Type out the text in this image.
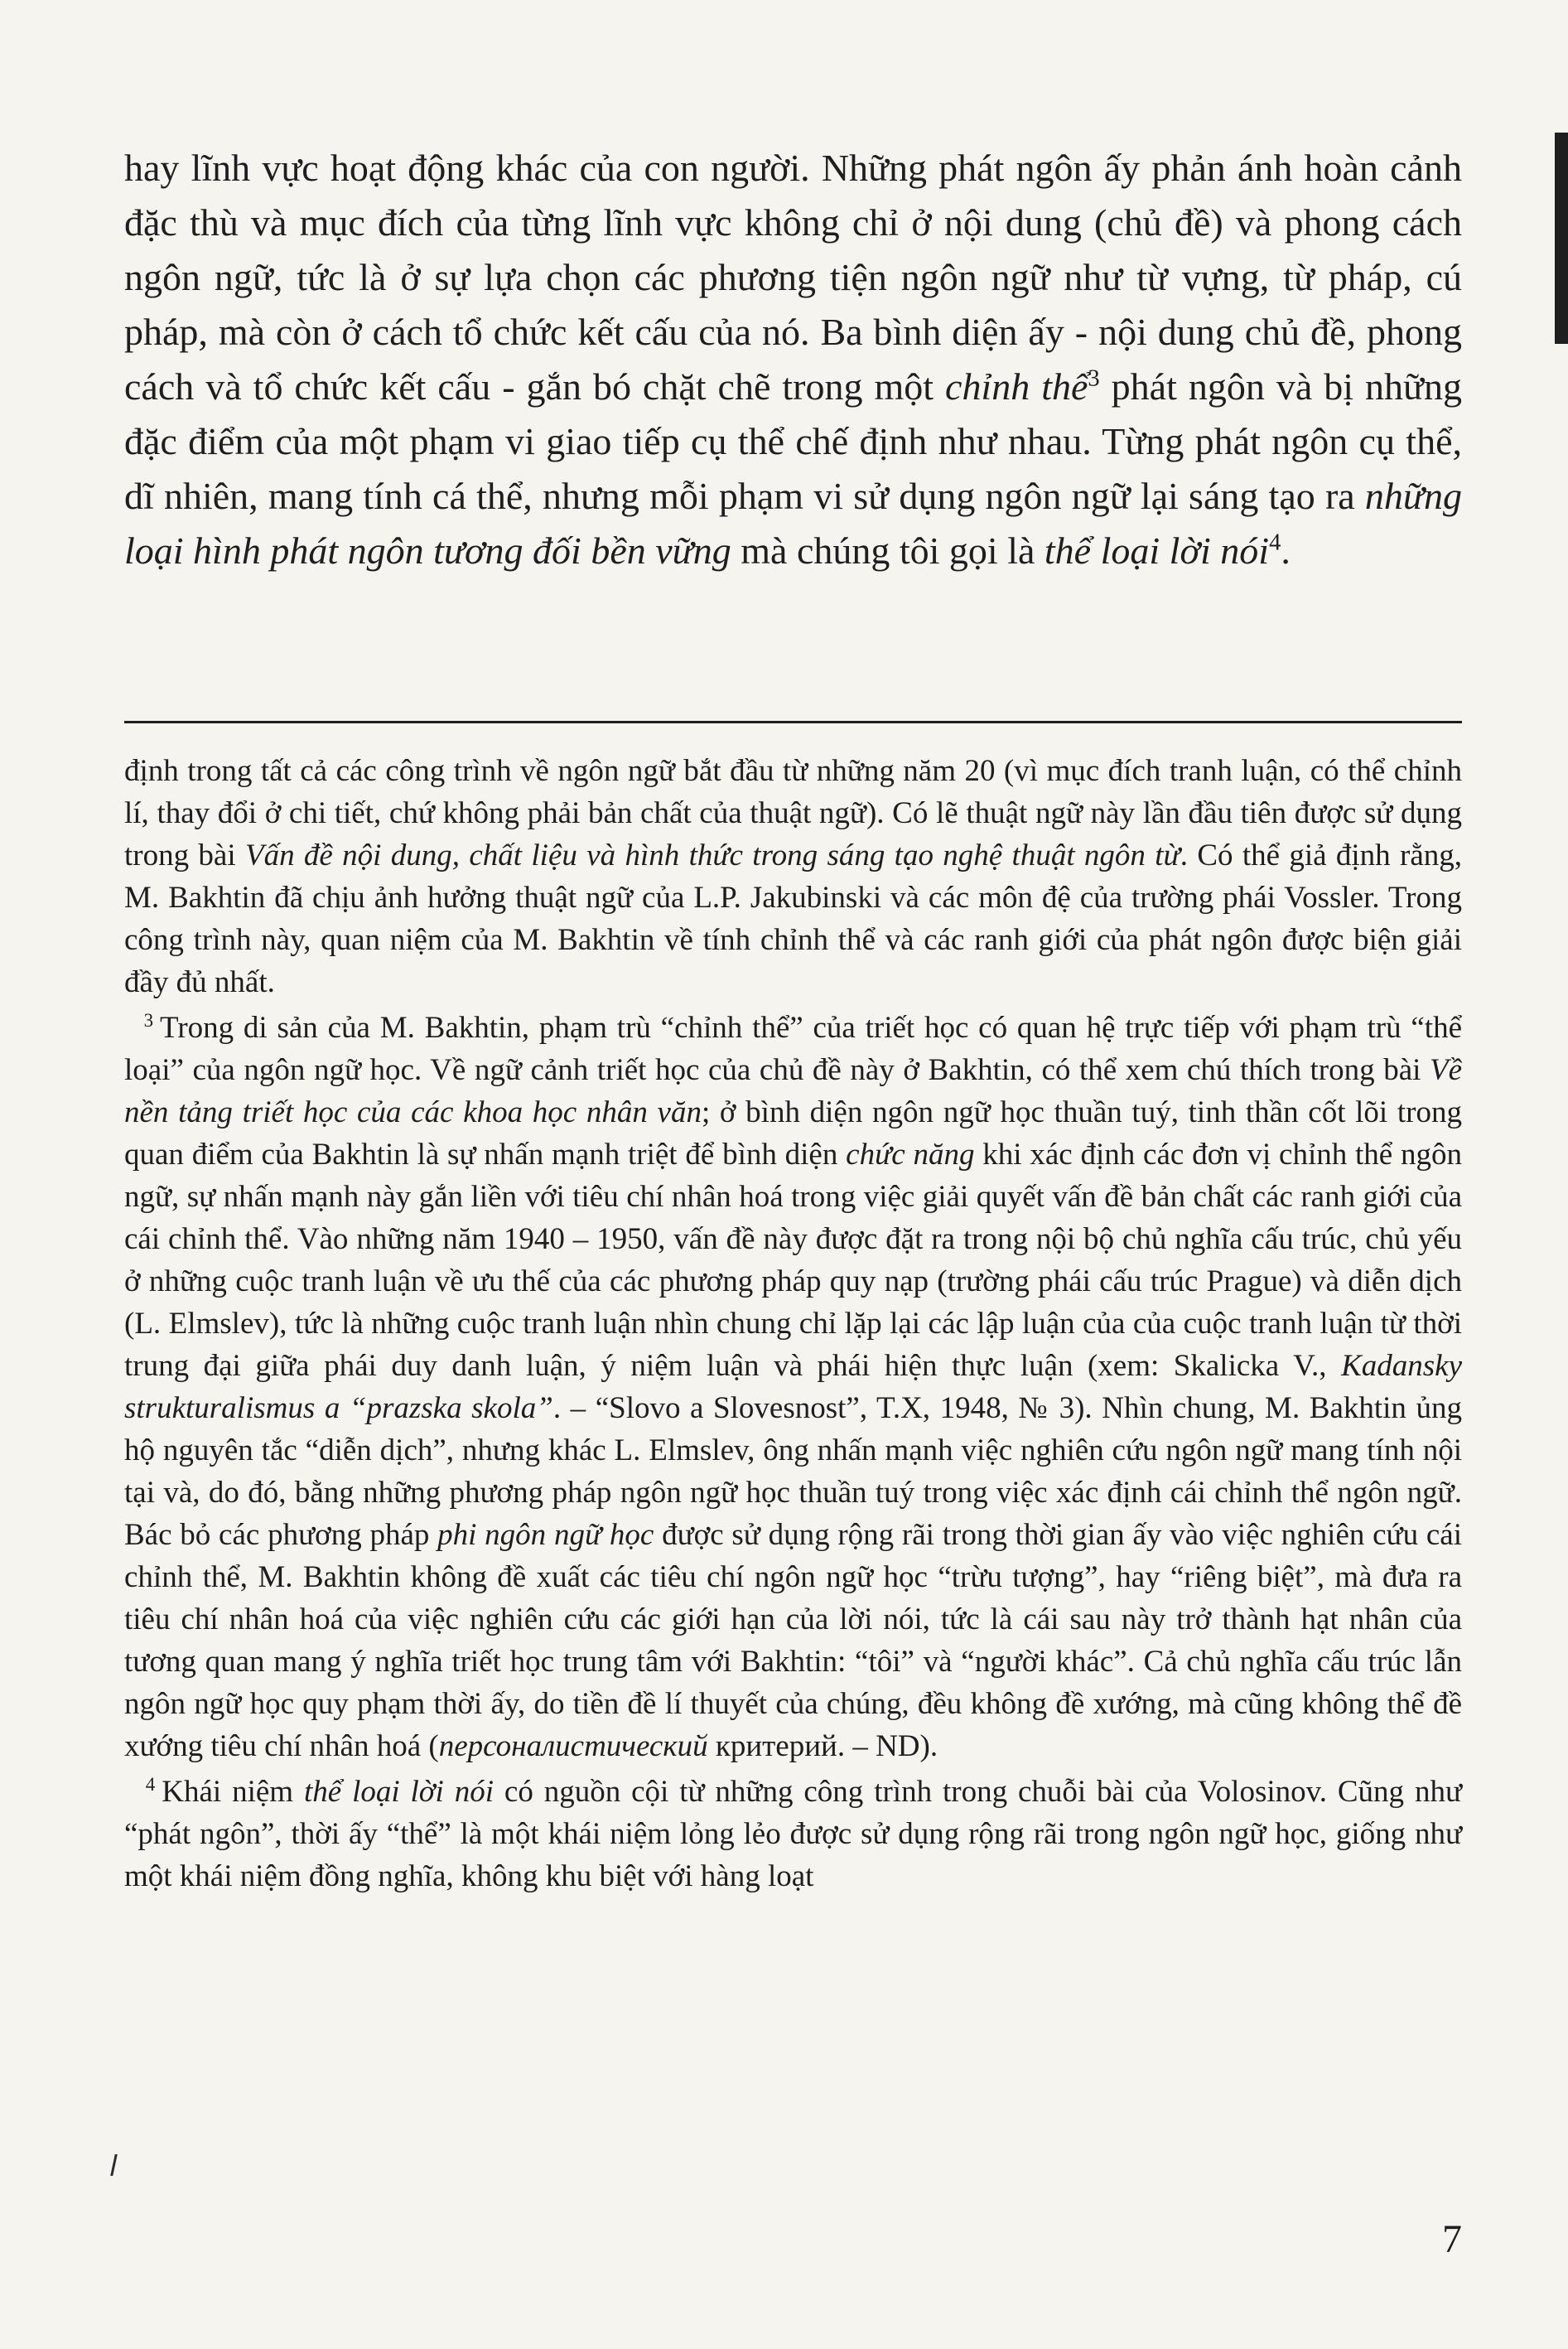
hay lĩnh vực hoạt động khác của con người. Những phát ngôn ấy phản ánh hoàn cảnh đặc thù và mục đích của từng lĩnh vực không chỉ ở nội dung (chủ đề) và phong cách ngôn ngữ, tức là ở sự lựa chọn các phương tiện ngôn ngữ như từ vựng, từ pháp, cú pháp, mà còn ở cách tổ chức kết cấu của nó. Ba bình diện ấy - nội dung chủ đề, phong cách và tổ chức kết cấu - gắn bó chặt chẽ trong một chỉnh thể$^3$ phát ngôn và bị những đặc điểm của một phạm vi giao tiếp cụ thể chế định như nhau. Từng phát ngôn cụ thể, dĩ nhiên, mang tính cá thể, nhưng mỗi phạm vi sử dụng ngôn ngữ lại sáng tạo ra những loại hình phát ngôn tương đối bền vững mà chúng tôi gọi là thể loại lời nói$^4$.

định trong tất cả các công trình về ngôn ngữ bắt đầu từ những năm 20 (vì mục đích tranh luận, có thể chỉnh lí, thay đổi ở chi tiết, chứ không phải bản chất của thuật ngữ). Có lẽ thuật ngữ này lần đầu tiên được sử dụng trong bài Vấn đề nội dung, chất liệu và hình thức trong sáng tạo nghệ thuật ngôn từ. Có thể giả định rằng, M. Bakhtin đã chịu ảnh hưởng thuật ngữ của L.P. Jakubinski và các môn đệ của trường phái Vossler. Trong công trình này, quan niệm của M. Bakhtin về tính chỉnh thể và các ranh giới của phát ngôn được biện giải đầy đủ nhất.

$^3$ Trong di sản của M. Bakhtin, phạm trù “chỉnh thể” của triết học có quan hệ trực tiếp với phạm trù “thể loại” của ngôn ngữ học. Về ngữ cảnh triết học của chủ đề này ở Bakhtin, có thể xem chú thích trong bài Về nền tảng triết học của các khoa học nhân văn; ở bình diện ngôn ngữ học thuần tuý, tinh thần cốt lõi trong quan điểm của Bakhtin là sự nhấn mạnh triệt để bình diện chức năng khi xác định các đơn vị chỉnh thể ngôn ngữ, sự nhấn mạnh này gắn liền với tiêu chí nhân hoá trong việc giải quyết vấn đề bản chất các ranh giới của cái chỉnh thể. Vào những năm 1940 – 1950, vấn đề này được đặt ra trong nội bộ chủ nghĩa cấu trúc, chủ yếu ở những cuộc tranh luận về ưu thế của các phương pháp quy nạp (trường phái cấu trúc Prague) và diễn dịch (L. Elmslev), tức là những cuộc tranh luận nhìn chung chỉ lặp lại các lập luận của của cuộc tranh luận từ thời trung đại giữa phái duy danh luận, ý niệm luận và phái hiện thực luận (xem: Skalicka V., Kadansky strukturalismus a “prazska skola”. – “Slovo a Slovesnost”, T.X, 1948, № 3). Nhìn chung, M. Bakhtin ủng hộ nguyên tắc “diễn dịch”, nhưng khác L. Elmslev, ông nhấn mạnh việc nghiên cứu ngôn ngữ mang tính nội tại và, do đó, bằng những phương pháp ngôn ngữ học thuần tuý trong việc xác định cái chỉnh thể ngôn ngữ. Bác bỏ các phương pháp phi ngôn ngữ học được sử dụng rộng rãi trong thời gian ấy vào việc nghiên cứu cái chỉnh thể, M. Bakhtin không đề xuất các tiêu chí ngôn ngữ học “trừu tượng”, hay “riêng biệt”, mà đưa ra tiêu chí nhân hoá của việc nghiên cứu các giới hạn của lời nói, tức là cái sau này trở thành hạt nhân của tương quan mang ý nghĩa triết học trung tâm với Bakhtin: “tôi” và “người khác”. Cả chủ nghĩa cấu trúc lẫn ngôn ngữ học quy phạm thời ấy, do tiền đề lí thuyết của chúng, đều không đề xướng, mà cũng không thể đề xướng tiêu chí nhân hoá (персоналистический критерий. – ND).

$^4$ Khái niệm thể loại lời nói có nguồn cội từ những công trình trong chuỗi bài của Volosinov. Cũng như “phát ngôn”, thời ấy “thể” là một khái niệm lỏng lẻo được sử dụng rộng rãi trong ngôn ngữ học, giống như một khái niệm đồng nghĩa, không khu biệt với hàng loạt

7
